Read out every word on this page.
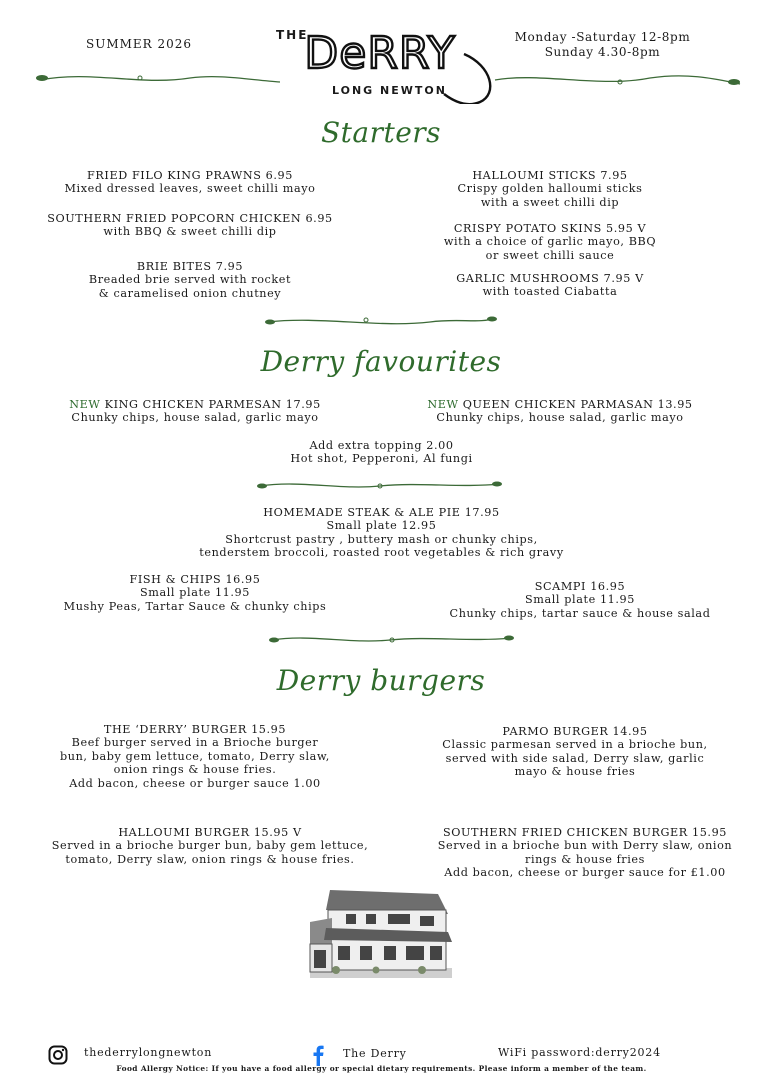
SUMMER 2026
THE
DeRRY
LONG NEWTON
Monday -Saturday 12-8pm
Sunday 4.30-8pm
Starters
FRIED FILO KING PRAWNS 6.95
Mixed dressed leaves, sweet chilli mayo
SOUTHERN FRIED POPCORN CHICKEN 6.95
with BBQ & sweet chilli dip
BRIE BITES 7.95
Breaded brie served with rocket
& caramelised onion chutney
HALLOUMI STICKS 7.95
Crispy golden halloumi sticks
with a sweet chilli dip
CRISPY POTATO SKINS 5.95 V
with a choice of garlic mayo, BBQ
or sweet chilli sauce
GARLIC MUSHROOMS 7.95 V
with toasted Ciabatta
Derry favourites
NEW KING CHICKEN PARMESAN 17.95
Chunky chips, house salad, garlic mayo
NEW QUEEN CHICKEN PARMASAN 13.95
Chunky chips, house salad, garlic mayo
Add extra topping 2.00
Hot shot, Pepperoni, Al fungi
HOMEMADE STEAK & ALE PIE 17.95
Small plate 12.95
Shortcrust pastry , buttery mash or chunky chips,
tenderstem broccoli, roasted root vegetables & rich gravy
FISH & CHIPS 16.95
Small plate 11.95
Mushy Peas, Tartar Sauce & chunky chips
SCAMPI 16.95
Small plate 11.95
Chunky chips, tartar sauce & house salad
Derry burgers
THE ‘DERRY’ BURGER 15.95
Beef burger served in a Brioche burger
bun, baby gem lettuce, tomato, Derry slaw,
onion rings & house fries.
Add bacon, cheese or burger sauce 1.00
PARMO BURGER 14.95
Classic parmesan served in a brioche bun,
served with side salad, Derry slaw, garlic
mayo & house fries
HALLOUMI BURGER 15.95 V
Served in a brioche burger bun, baby gem lettuce,
tomato, Derry slaw, onion rings & house fries.
SOUTHERN FRIED CHICKEN BURGER 15.95
Served in a brioche bun with Derry slaw, onion
rings & house fries
Add bacon, cheese or burger sauce for £1.00
thederrylongnewton	The Derry	WiFi password:derry2024
Food Allergy Notice: If you have a food allergy or special dietary requirements. Please inform a member of the team.
